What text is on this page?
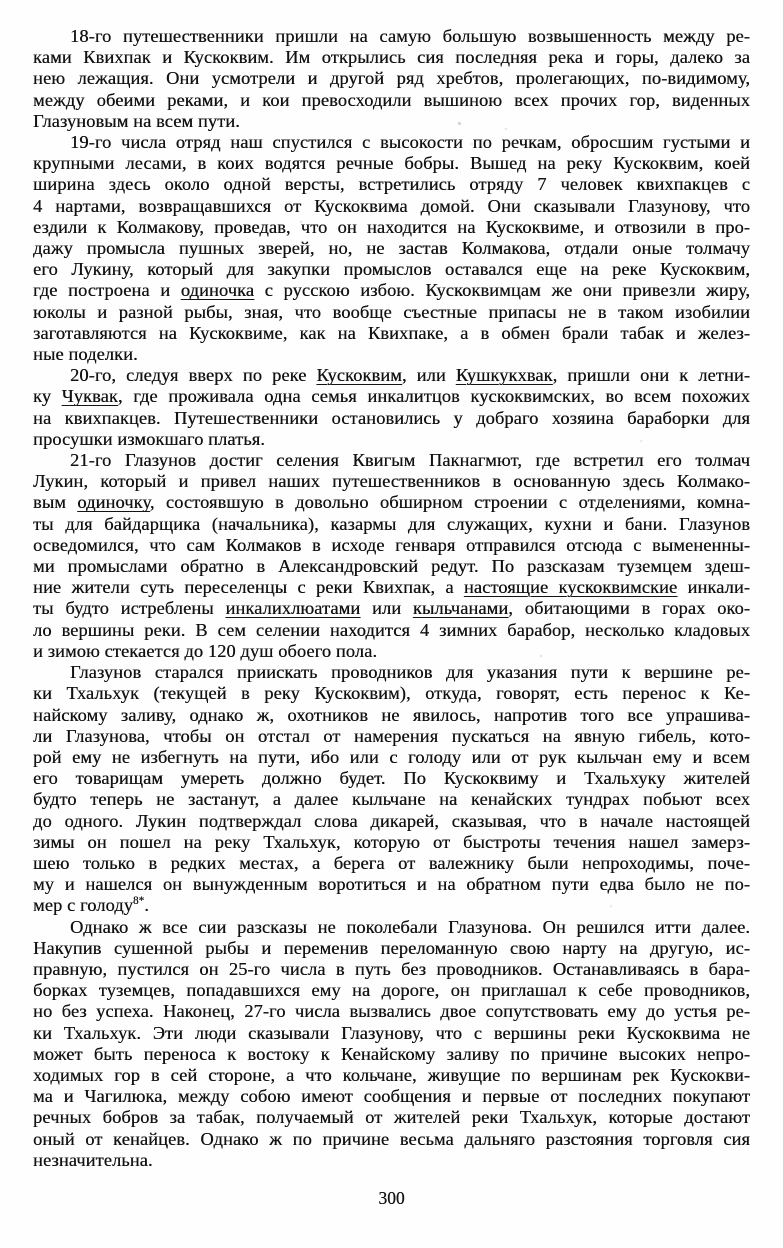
18-го путешественники пришли на самую большую возвышенность между ре-
ками Квихпак и Кускоквим. Им открылись сия последняя река и горы, далеко за
нею лежащия. Они усмотрели и другой ряд хребтов, пролегающих, по-видимому,
между обеими реками, и кои превосходили вышиною всех прочих гор, виденных
Глазуновым на всем пути.
19-го числа отряд наш спустился с высокости по речкам, обросшим густыми и
крупными лесами, в коих водятся речные бобры. Вышед на реку Кускоквим, коей
ширина здесь около одной версты, встретились отряду 7 человек квихпакцев с
4 нартами, возвращавшихся от Кускоквима домой. Они сказывали Глазунову, что
ездили к Колмакову, проведав, что он находится на Кускоквиме, и отвозили в про-
дажу промысла пушных зверей, но, не застав Колмакова, отдали оные толмачу
его Лукину, который для закупки промыслов оставался еще на реке Кускоквим,
где построена и одиночка с русскою избою. Кускоквимцам же они привезли жиру,
юколы и разной рыбы, зная, что вообще съестные припасы не в таком изобилии
заготавляются на Кускоквиме, как на Квихпаке, а в обмен брали табак и желез-
ные поделки.
20-го, следуя вверх по реке Кускоквим, или Кушкукхвак, пришли они к летни-
ку Чуквак, где проживала одна семья инкалитцов кускоквимских, во всем похожих
на квихпакцев. Путешественники остановились у добраго хозяина бараборки для
просушки измокшаго платья.
21-го Глазунов достиг селения Квигым Пакнагмют, где встретил его толмач
Лукин, который и привел наших путешественников в основанную здесь Колмако-
вым одиночку, состоявшую в довольно обширном строении с отделениями, комна-
ты для байдарщика (начальника), казармы для служащих, кухни и бани. Глазунов
осведомился, что сам Колмаков в исходе генваря отправился отсюда с вымененны-
ми промыслами обратно в Александровский редут. По разсказам туземцем здеш-
ние жители суть переселенцы с реки Квихпак, а настоящие кускоквимские инкали-
ты будто истреблены инкалихлюатами или кыльчанами, обитающими в горах око-
ло вершины реки. В сем селении находится 4 зимних барабор, несколько кладовых
и зимою стекается до 120 душ обоего пола.
Глазунов старался приискать проводников для указания пути к вершине ре-
ки Тхальхук (текущей в реку Кускоквим), откуда, говорят, есть перенос к Ке-
найскому заливу, однако ж, охотников не явилось, напротив того все упрашива-
ли Глазунова, чтобы он отстал от намерения пускаться на явную гибель, кото-
рой ему не избегнуть на пути, ибо или с голоду или от рук кыльчан ему и всем
его товарищам умереть должно будет. По Кускоквиму и Тхальхуку жителей
будто теперь не застанут, а далее кыльчане на кенайских тундрах побьют всех
до одного. Лукин подтверждал слова дикарей, сказывая, что в начале настоящей
зимы он пошел на реку Тхальхук, которую от быстроты течения нашел замерз-
шею только в редких местах, а берега от валежнику были непроходимы, поче-
му и нашелся он вынужденным воротиться и на обратном пути едва было не по-
мер с голоду$^{8*}$.
Однако ж все сии разсказы не поколебали Глазунова. Он решился итти далее.
Накупив сушенной рыбы и переменив переломанную свою нарту на другую, ис-
правную, пустился он 25-го числа в путь без проводников. Останавливаясь в бара-
борках туземцев, попадавшихся ему на дороге, он приглашал к себе проводников,
но без успеха. Наконец, 27-го числа вызвались двое сопутствовать ему до устья ре-
ки Тхальхук. Эти люди сказывали Глазунову, что с вершины реки Кускоквима не
может быть переноса к востоку к Кенайскому заливу по причине высоких непро-
ходимых гор в сей стороне, а что кольчане, живущие по вершинам рек Кускокви-
ма и Чагилюка, между собою имеют сообщения и первые от последних покупают
речных бобров за табак, получаемый от жителей реки Тхальхук, которые достают
оный от кенайцев. Однако ж по причине весьма дальняго разстояния торговля сия
незначительна.
300
